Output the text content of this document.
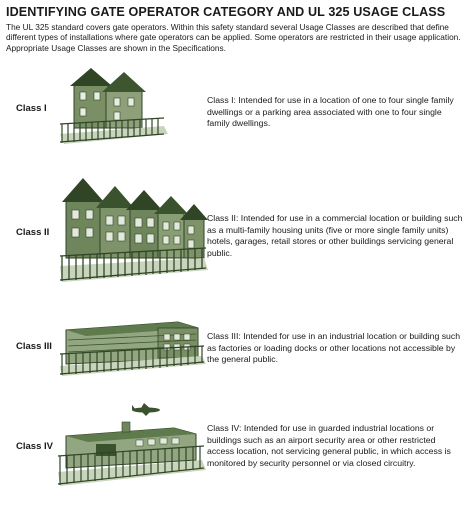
IDENTIFYING GATE OPERATOR CATEGORY AND UL 325 USAGE CLASS
The UL 325 standard covers gate operators. Within this safety standard several Usage Classes are described that define different types of installations where gate operators can be applied. Some operators are restricted in their usage application. Appropriate Usage Classes are shown in the Specifications.
Class I
Class I: Intended for use in a location of one to four single family dwellings or a parking area associated with one to four single family dwellings.
Class II
Class II: Intended for use in a commercial location or building such as a multi-family housing units (five or more single family units) hotels, garages, retail stores or other buildings servicing general public.
Class III
Class III: Intended for use in an industrial location or building such as factories or loading docks or other locations not accessible by the general public.
Class IV
Class IV: Intended for use in guarded industrial locations or buildings such as an airport security area or other restricted access location, not servicing general public, in which access is monitored by security personnel or via closed circuitry.
